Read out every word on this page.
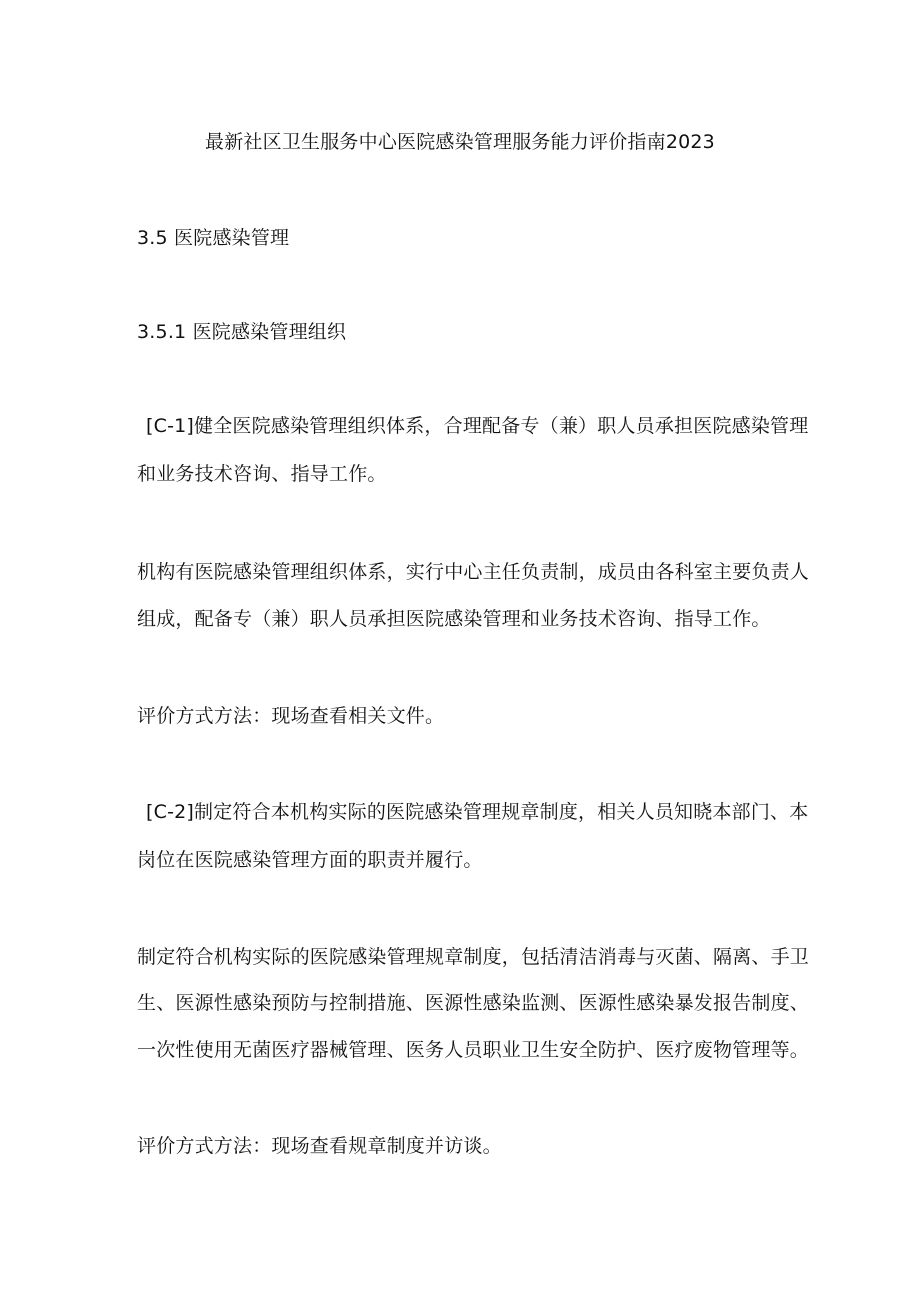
最新社区卫生服务中心医院感染管理服务能力评价指南2023
3.5 医院感染管理
3.5.1 医院感染管理组织
[C-1]健全医院感染管理组织体系，合理配备专（兼）职人员承担医院感染管理
和业务技术咨询、指导工作。
机构有医院感染管理组织体系，实行中心主任负责制，成员由各科室主要负责人
组成，配备专（兼）职人员承担医院感染管理和业务技术咨询、指导工作。
评价方式方法：现场查看相关文件。
[C-2]制定符合本机构实际的医院感染管理规章制度，相关人员知晓本部门、本
岗位在医院感染管理方面的职责并履行。
制定符合机构实际的医院感染管理规章制度，包括清洁消毒与灭菌、隔离、手卫
生、医源性感染预防与控制措施、医源性感染监测、医源性感染暴发报告制度、
一次性使用无菌医疗器械管理、医务人员职业卫生安全防护、医疗废物管理等。
评价方式方法：现场查看规章制度并访谈。
